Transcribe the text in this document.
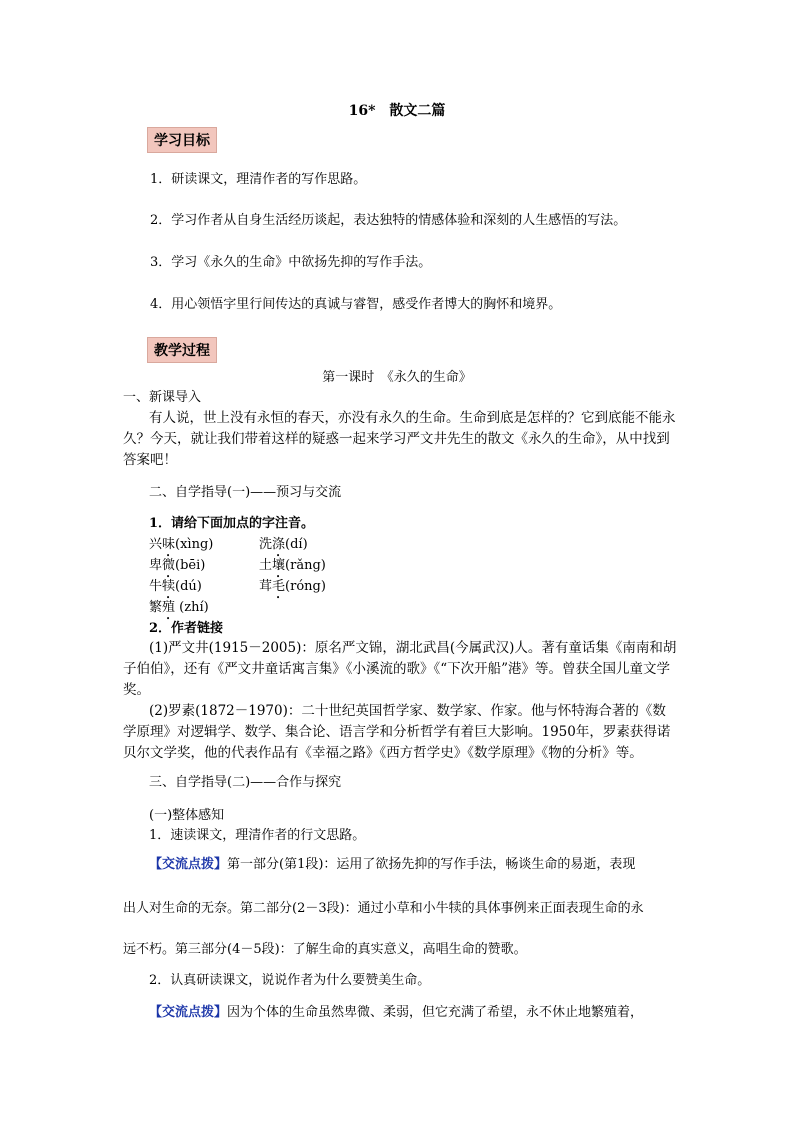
16*　散文二篇
学习目标
1．研读课文，理清作者的写作思路。
2．学习作者从自身生活经历谈起，表达独特的情感体验和深刻的人生感悟的写法。
3．学习《永久的生命》中欲扬先抑的写作手法。
4．用心领悟字里行间传达的真诚与睿智，感受作者博大的胸怀和境界。
教学过程
第一课时　《永久的生命》
一、新课导入
有人说，世上没有永恒的春天，亦没有永久的生命。生命到底是怎样的？它到底能不能永久？今天，就让我们带着这样的疑惑一起来学习严文井先生的散文《永久的生命》，从中找到答案吧！
二、自学指导(一)——预习与交流
1．请给下面加点的字注音。
兴味(xìng)	洗涤(dí)
卑微(bēi)	土壤(rǎng)
牛犊(dú)	茸毛(róng)
繁殖 (zhí)
2．作者链接
(1)严文井(1915－2005)：原名严文锦，湖北武昌(今属武汉)人。著有童话集《南南和胡子伯伯》，还有《严文井童话寓言集》《小溪流的歌》《“下次开船”港》等。曾获全国儿童文学奖。
(2)罗素(1872－1970)：二十世纪英国哲学家、数学家、作家。他与怀特海合著的《数学原理》对逻辑学、数学、集合论、语言学和分析哲学有着巨大影响。1950年，罗素获得诺贝尔文学奖，他的代表作品有《幸福之路》《西方哲学史》《数学原理》《物的分析》等。
三、自学指导(二)——合作与探究
(一)整体感知
1．速读课文，理清作者的行文思路。
【交流点拨】第一部分(第1段)：运用了欲扬先抑的写作手法，畅谈生命的易逝，表现
出人对生命的无奈。第二部分(2－3段)：通过小草和小牛犊的具体事例来正面表现生命的永
远不朽。第三部分(4－5段)：了解生命的真实意义，高唱生命的赞歌。
2．认真研读课文，说说作者为什么要赞美生命。
【交流点拨】因为个体的生命虽然卑微、柔弱，但它充满了希望，永不休止地繁殖着，
